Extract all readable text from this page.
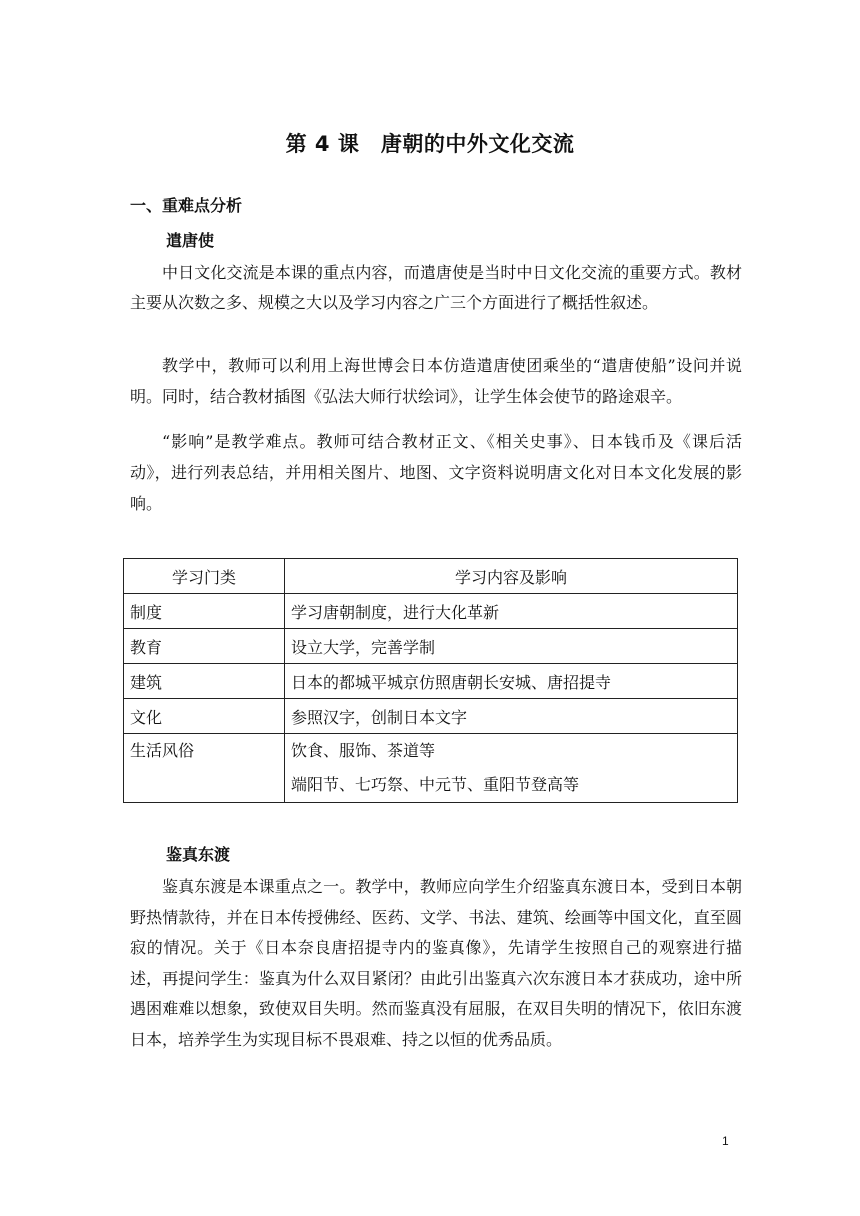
第 4 课　唐朝的中外文化交流
一、重难点分析
遣唐使

中日文化交流是本课的重点内容，而遣唐使是当时中日文化交流的重要方式。教材主要从次数之多、规模之大以及学习内容之广三个方面进行了概括性叙述。

教学中，教师可以利用上海世博会日本仿造遣唐使团乘坐的“遣唐使船”设问并说明。同时，结合教材插图《弘法大师行状绘词》，让学生体会使节的路途艰辛。

“影响”是教学难点。教师可结合教材正文、《相关史事》、日本钱币及《课后活动》，进行列表总结，并用相关图片、地图、文字资料说明唐文化对日本文化发展的影响。

学习门类	学习内容及影响
制度	学习唐朝制度，进行大化革新
教育	设立大学，完善学制
建筑	日本的都城平城京仿照唐朝长安城、唐招提寺
文化	参照汉字，创制日本文字

生活风俗	饮食、服饰、茶道等
端阳节、七巧祭、中元节、重阳节登高等
鉴真东渡

鉴真东渡是本课重点之一。教学中，教师应向学生介绍鉴真东渡日本，受到日本朝野热情款待，并在日本传授佛经、医药、文学、书法、建筑、绘画等中国文化，直至圆寂的情况。关于《日本奈良唐招提寺内的鉴真像》，先请学生按照自己的观察进行描述，再提问学生：鉴真为什么双目紧闭？由此引出鉴真六次东渡日本才获成功，途中所遇困难难以想象，致使双目失明。然而鉴真没有屈服，在双目失明的情况下，依旧东渡日本，培养学生为实现目标不畏艰难、持之以恒的优秀品质。

1
